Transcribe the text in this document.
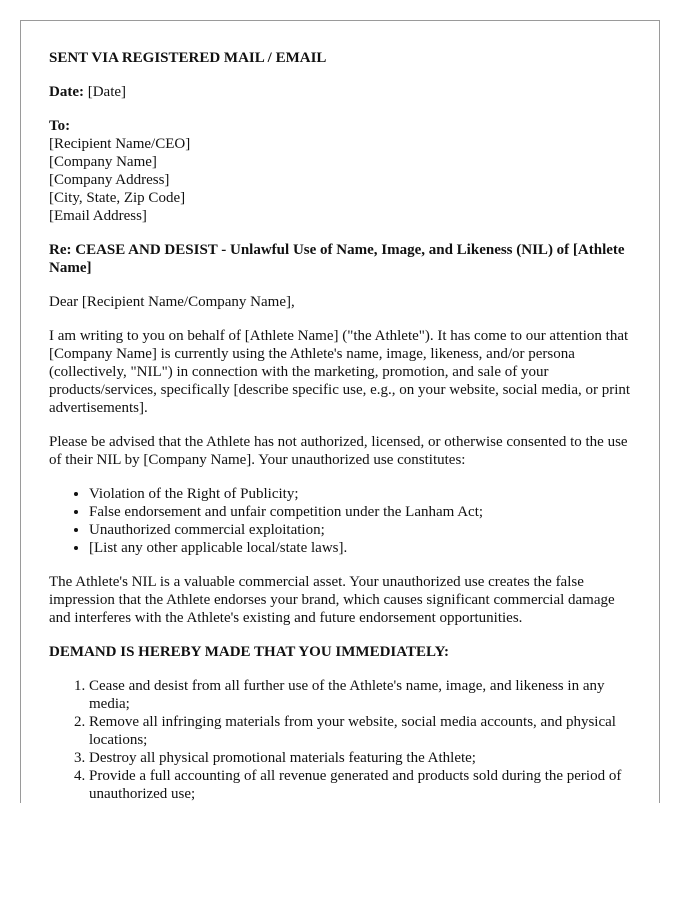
SENT VIA REGISTERED MAIL / EMAIL

Date: [Date]

To:
[Recipient Name/CEO]
[Company Name]
[Company Address]
[City, State, Zip Code]
[Email Address]
Re: CEASE AND DESIST - Unlawful Use of Name, Image, and Likeness (NIL) of [Athlete Name]

Dear [Recipient Name/Company Name],

I am writing to you on behalf of [Athlete Name] ("the Athlete"). It has come to our attention that [Company Name] is currently using the Athlete's name, image, likeness, and/or persona (collectively, "NIL") in connection with the marketing, promotion, and sale of your products/services, specifically [describe specific use, e.g., on your website, social media, or print advertisements].

Please be advised that the Athlete has not authorized, licensed, or otherwise consented to the use of their NIL by [Company Name]. Your unauthorized use constitutes:

• Violation of the Right of Publicity;
• False endorsement and unfair competition under the Lanham Act;
• Unauthorized commercial exploitation;
• [List any other applicable local/state laws].

The Athlete's NIL is a valuable commercial asset. Your unauthorized use creates the false impression that the Athlete endorses your brand, which causes significant commercial damage and interferes with the Athlete's existing and future endorsement opportunities.

DEMAND IS HEREBY MADE THAT YOU IMMEDIATELY:
1. Cease and desist from all further use of the Athlete's name, image, and likeness in any media;
2. Remove all infringing materials from your website, social media accounts, and physical locations;
3. Destroy all physical promotional materials featuring the Athlete;
4. Provide a full accounting of all revenue generated and products sold during the period of unauthorized use;
